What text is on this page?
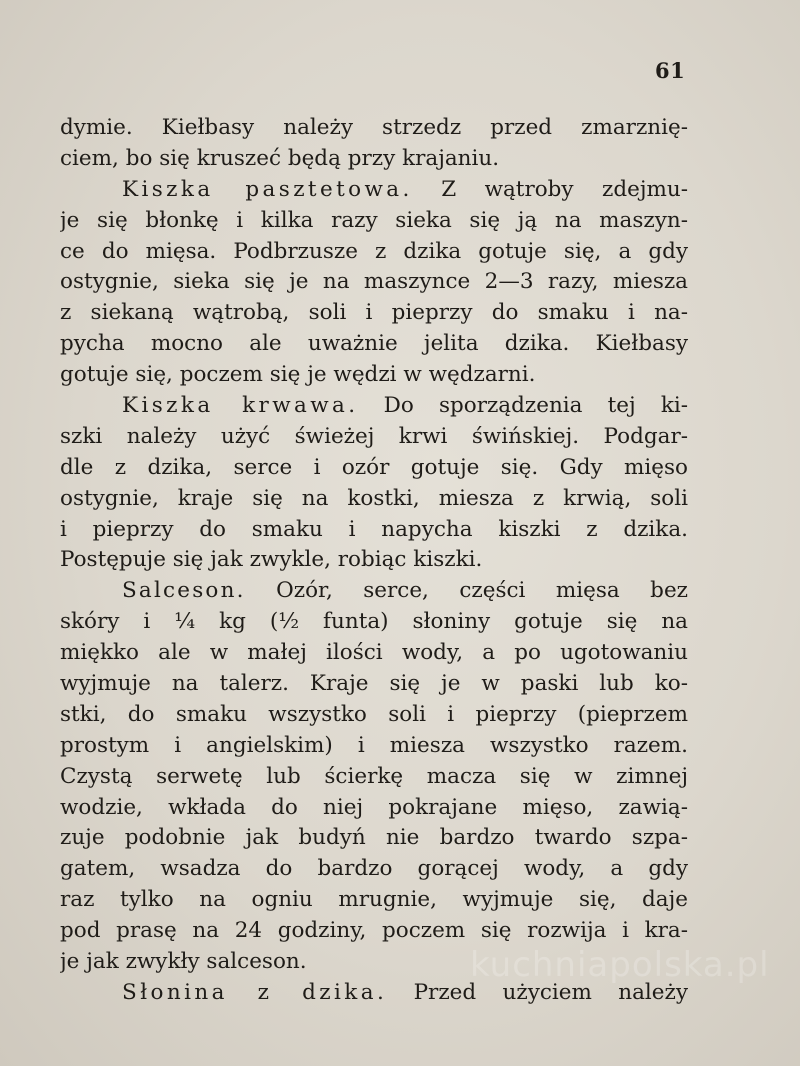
61
dymie. Kiełbasy należy strzedz przed zmarznię-
ciem, bo się kruszeć będą przy krajaniu.
Kiszka pasztetowa. Z wątroby zdejmu-
je się błonkę i kilka razy sieka się ją na maszyn-
ce do mięsa. Podbrzusze z dzika gotuje się, a gdy
ostygnie, sieka się je na maszynce 2—3 razy, miesza
z siekaną wątrobą, soli i pieprzy do smaku i na-
pycha mocno ale uważnie jelita dzika. Kiełbasy
gotuje się, poczem się je wędzi w wędzarni.
Kiszka krwawa. Do sporządzenia tej ki-
szki należy użyć świeżej krwi świńskiej. Podgar-
dle z dzika, serce i ozór gotuje się. Gdy mięso
ostygnie, kraje się na kostki, miesza z krwią, soli
i pieprzy do smaku i napycha kiszki z dzika.
Postępuje się jak zwykle, robiąc kiszki.
Salceson. Ozór, serce, części mięsa bez
skóry i ¼ kg (½ funta) słoniny gotuje się na
miękko ale w małej ilości wody, a po ugotowaniu
wyjmuje na talerz. Kraje się je w paski lub ko-
stki, do smaku wszystko soli i pieprzy (pieprzem
prostym i angielskim) i miesza wszystko razem.
Czystą serwetę lub ścierkę macza się w zimnej
wodzie, wkłada do niej pokrajane mięso, zawią-
zuje podobnie jak budyń nie bardzo twardo szpa-
gatem, wsadza do bardzo gorącej wody, a gdy
raz tylko na ogniu mrugnie, wyjmuje się, daje
pod prasę na 24 godziny, poczem się rozwija i kra-
je jak zwykły salceson.
Słonina z dzika. Przed użyciem należy
kuchniapolska.pl
